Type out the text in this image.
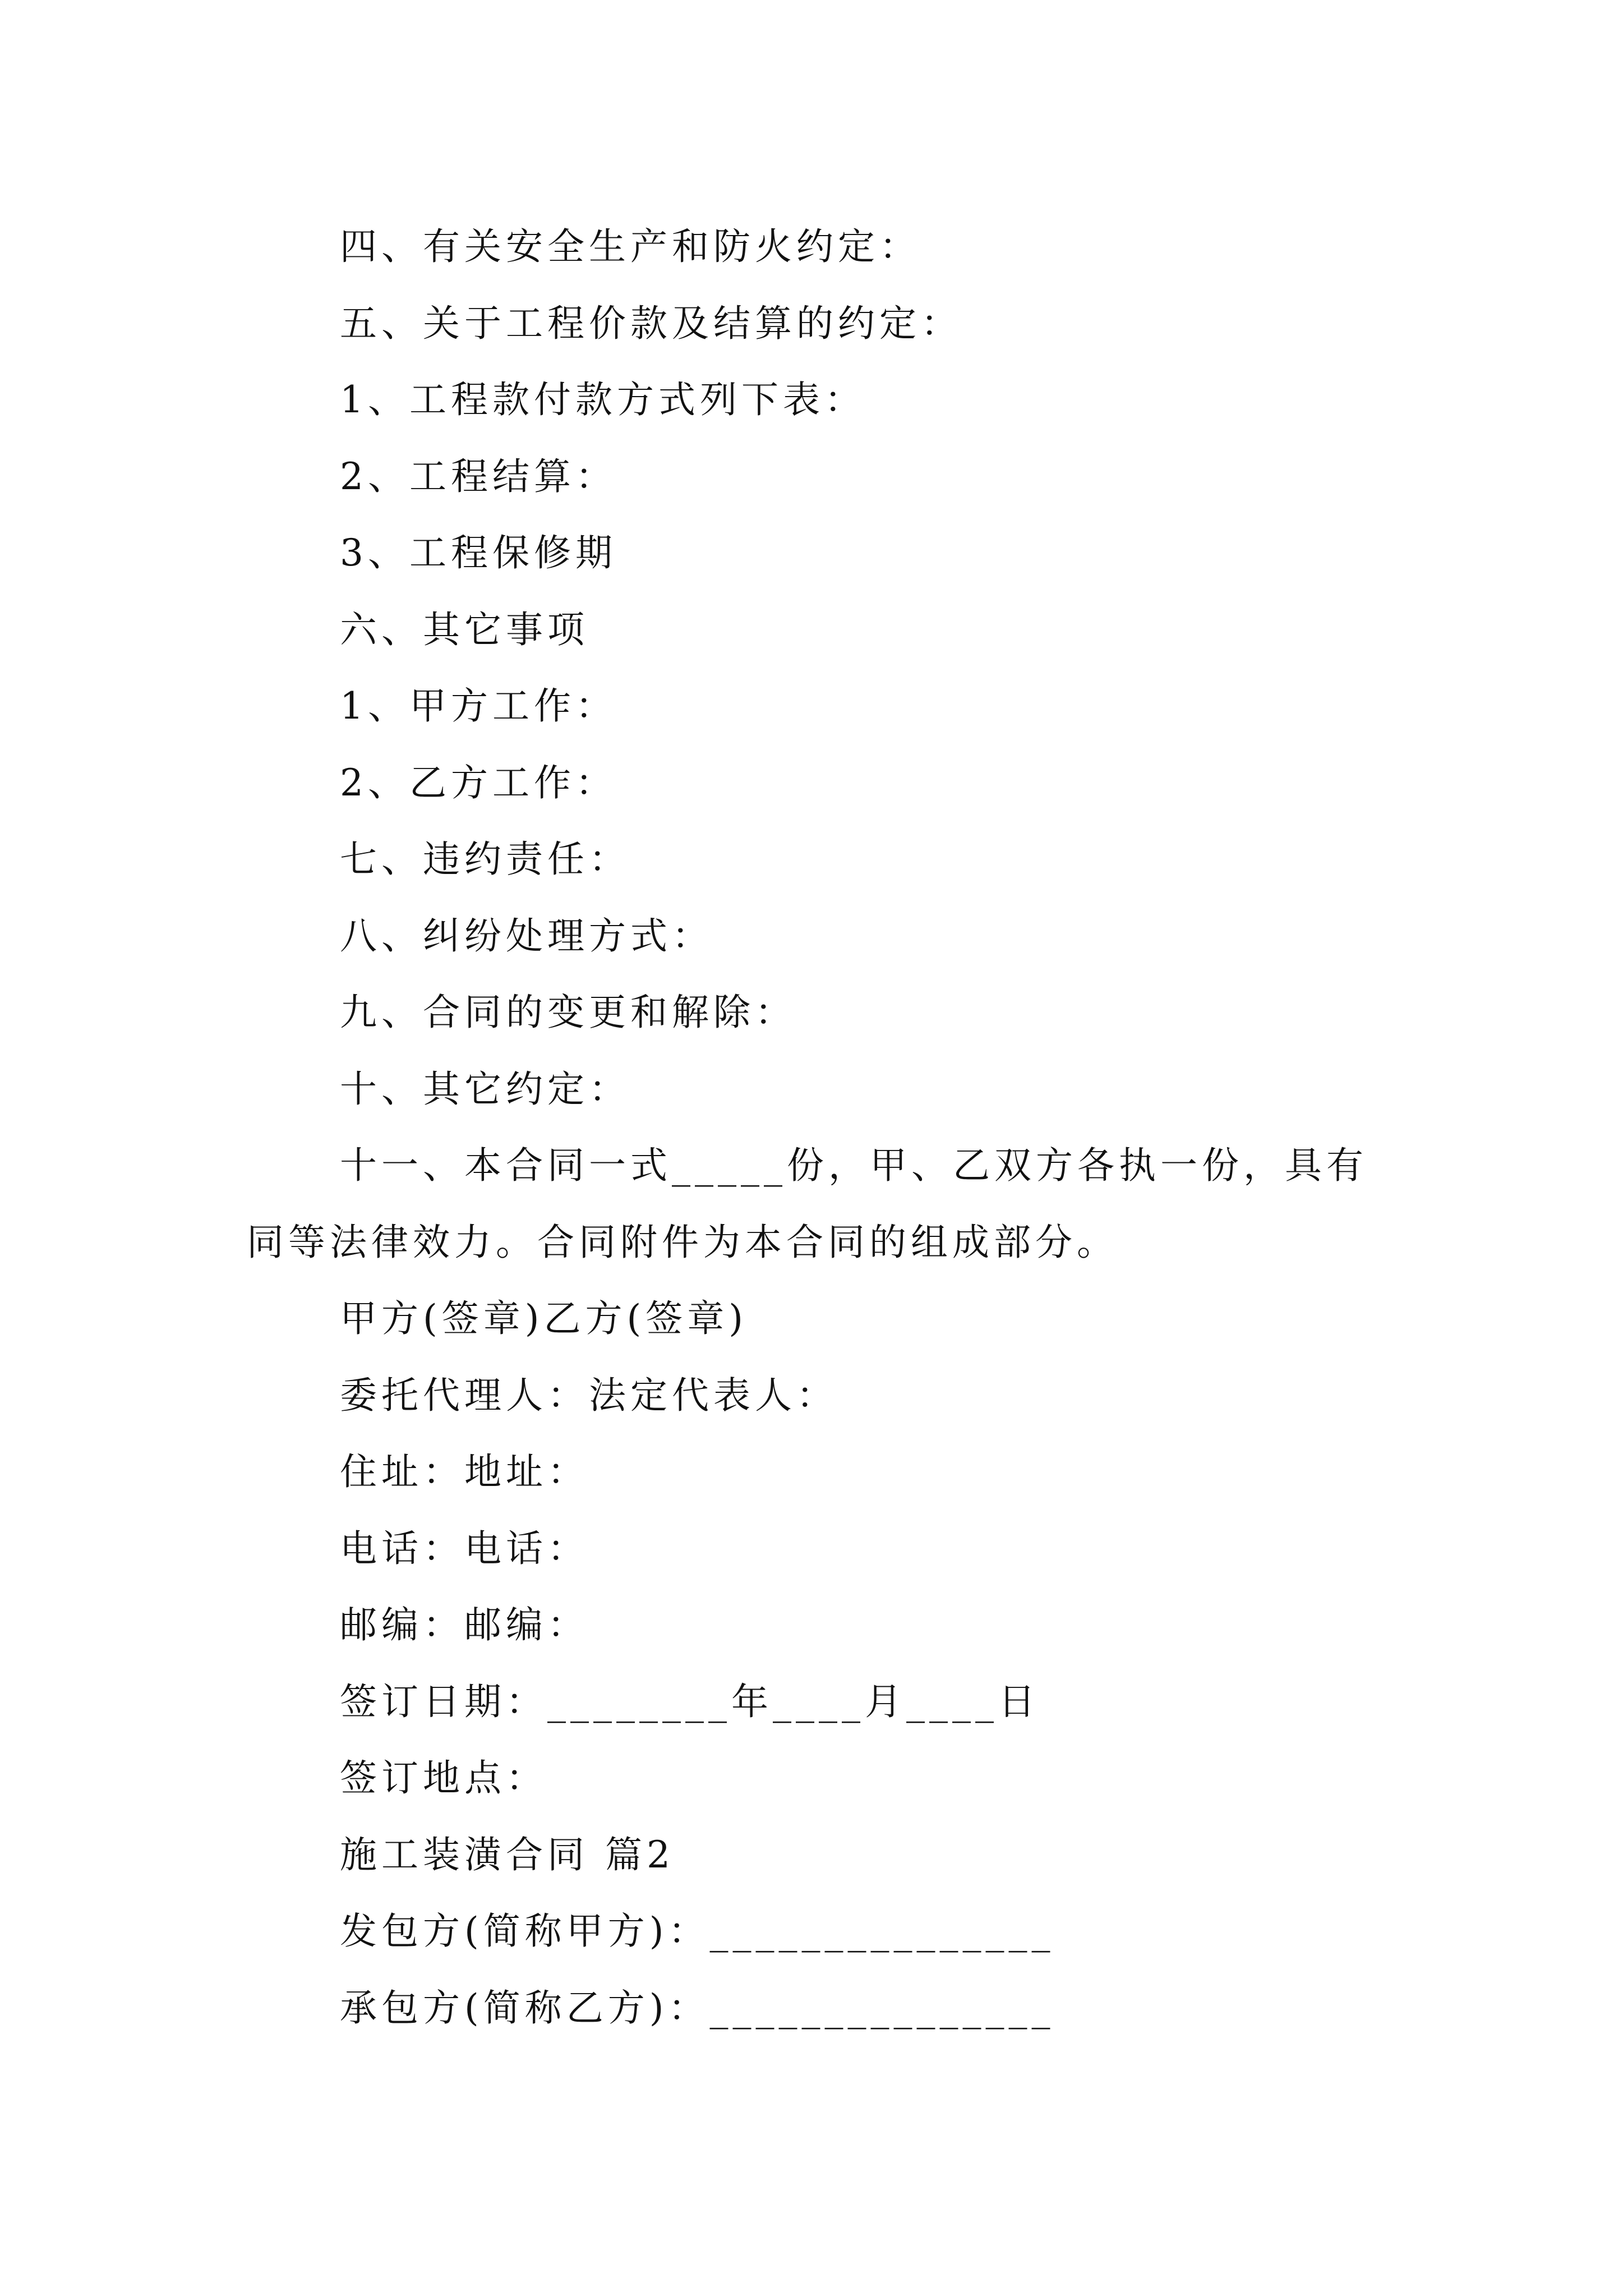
四、有关安全生产和防火约定：
五、关于工程价款及结算的约定：
1、工程款付款方式列下表：
2、工程结算：
3、工程保修期
六、其它事项
1、甲方工作：
2、乙方工作：
七、违约责任：
八、纠纷处理方式：
九、合同的变更和解除：
十、其它约定：
十一、本合同一式_____份，甲、乙双方各执一份，具有同等法律效力。合同附件为本合同的组成部分。
甲方(签章)乙方(签章)
委托代理人：法定代表人：
住址：地址：
电话：电话：
邮编：邮编：
签订日期：________年____月____日
签订地点：
施工装潢合同 篇2
发包方(简称甲方)：_______________
承包方(简称乙方)：_______________
